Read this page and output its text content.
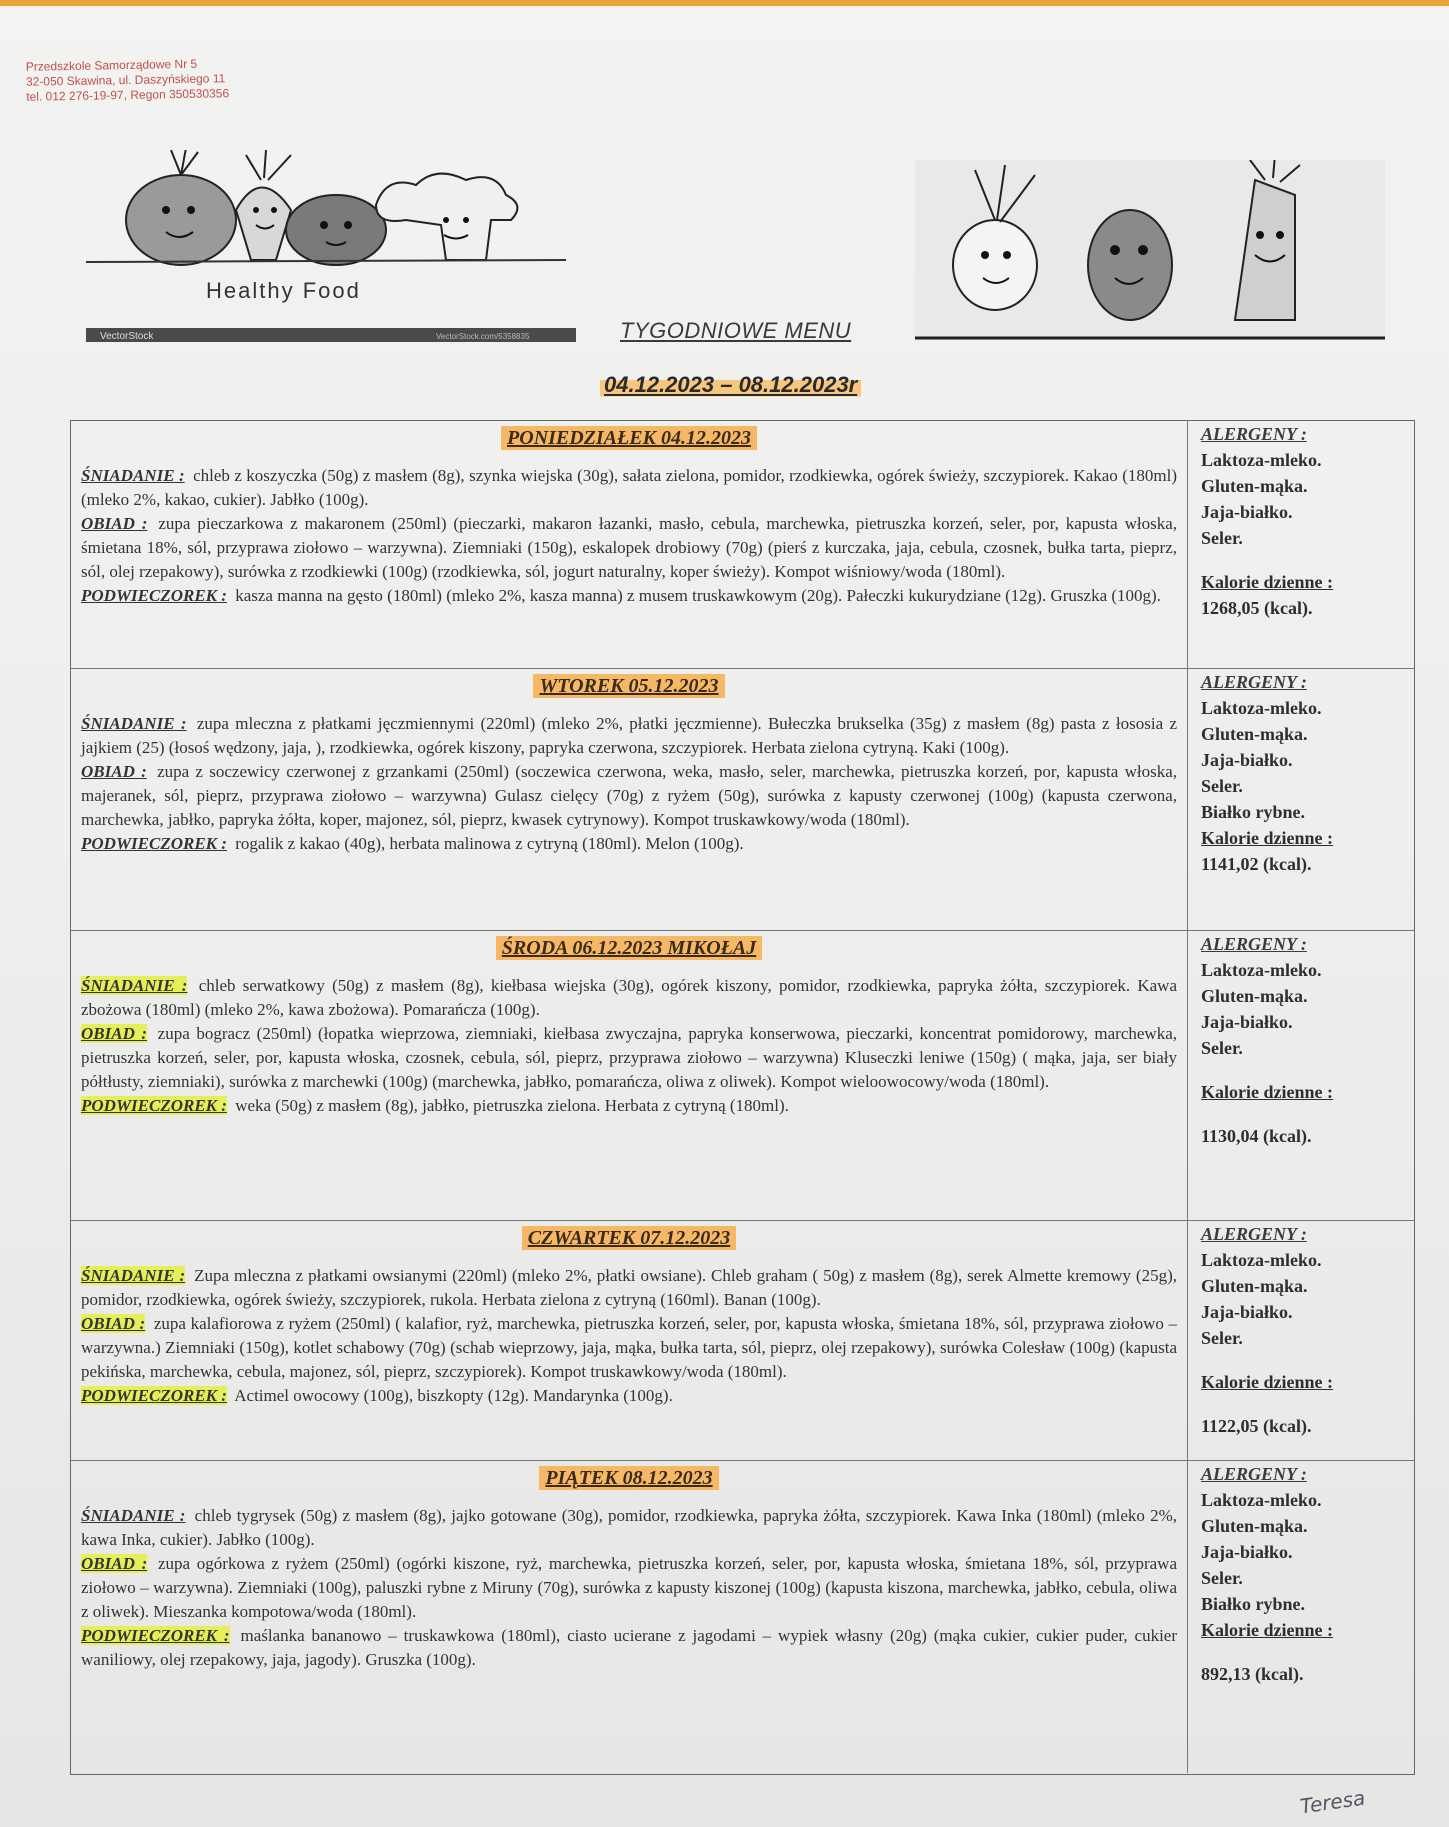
Przedszkole Samorządowe Nr 5
32-050 Skawina, ul. Daszyńskiego 11
tel. 012 276-19-97, Regon 350530356
Healthy Food
VectorStock	VectorStock.com/5358835	TYGODNIOWE MENU
04.12.2023 – 08.12.2023r
PONIEDZIAŁEK 04.12.2023

ŚNIADANIE : chleb z koszyczka (50g) z masłem (8g), szynka wiejska (30g), sałata zielona, pomidor, rzodkiewka, ogórek świeży, szczypiorek. Kakao (180ml) (mleko 2%, kakao, cukier). Jabłko (100g).

OBIAD : zupa pieczarkowa z makaronem (250ml) (pieczarki, makaron łazanki, masło, cebula, marchewka, pietruszka korzeń, seler, por, kapusta włoska, śmietana 18%, sól, przyprawa ziołowo – warzywna). Ziemniaki (150g), eskalopek drobiowy (70g) (pierś z kurczaka, jaja, cebula, czosnek, bułka tarta, pieprz, sól, olej rzepakowy), surówka z rzodkiewki (100g) (rzodkiewka, sól, jogurt naturalny, koper świeży). Kompot wiśniowy/woda (180ml).

PODWIECZOREK : kasza manna na gęsto (180ml) (mleko 2%, kasza manna) z musem truskawkowym (20g). Pałeczki kukurydziane (12g). Gruszka (100g).

ALERGENY :
Laktoza-mleko.
Gluten-mąka.
Jaja-białko.
Seler.
Kalorie dzienne :
1268,05 (kcal).
WTOREK 05.12.2023

ŚNIADANIE : zupa mleczna z płatkami jęczmiennymi (220ml) (mleko 2%, płatki jęczmienne). Bułeczka brukselka (35g) z masłem (8g) pasta z łososia z jajkiem (25) (łosoś wędzony, jaja, ), rzodkiewka, ogórek kiszony, papryka czerwona, szczypiorek. Herbata zielona cytryną. Kaki (100g).

OBIAD : zupa z soczewicy czerwonej z grzankami (250ml) (soczewica czerwona, weka, masło, seler, marchewka, pietruszka korzeń, por, kapusta włoska, majeranek, sól, pieprz, przyprawa ziołowo – warzywna) Gulasz cielęcy (70g) z ryżem (50g), surówka z kapusty czerwonej (100g) (kapusta czerwona, marchewka, jabłko, papryka żółta, koper, majonez, sól, pieprz, kwasek cytrynowy). Kompot truskawkowy/woda (180ml).

PODWIECZOREK : rogalik z kakao (40g), herbata malinowa z cytryną (180ml). Melon (100g).

ALERGENY :
Laktoza-mleko.
Gluten-mąka.
Jaja-białko.
Seler.
Białko rybne.
Kalorie dzienne :
1141,02 (kcal).
ŚRODA 06.12.2023 MIKOŁAJ

ŚNIADANIE : chleb serwatkowy (50g) z masłem (8g), kiełbasa wiejska (30g), ogórek kiszony, pomidor, rzodkiewka, papryka żółta, szczypiorek. Kawa zbożowa (180ml) (mleko 2%, kawa zbożowa). Pomarańcza (100g).

OBIAD : zupa bogracz (250ml) (łopatka wieprzowa, ziemniaki, kiełbasa zwyczajna, papryka konserwowa, pieczarki, koncentrat pomidorowy, marchewka, pietruszka korzeń, seler, por, kapusta włoska, czosnek, cebula, sól, pieprz, przyprawa ziołowo – warzywna) Kluseczki leniwe (150g) ( mąka, jaja, ser biały półtłusty, ziemniaki), surówka z marchewki (100g) (marchewka, jabłko, pomarańcza, oliwa z oliwek). Kompot wieloowocowy/woda (180ml).

PODWIECZOREK : weka (50g) z masłem (8g), jabłko, pietruszka zielona. Herbata z cytryną (180ml).

ALERGENY :
Laktoza-mleko.
Gluten-mąka.
Jaja-białko.
Seler.
Kalorie dzienne :
1130,04 (kcal).
CZWARTEK 07.12.2023

ŚNIADANIE : Zupa mleczna z płatkami owsianymi (220ml) (mleko 2%, płatki owsiane). Chleb graham ( 50g) z masłem (8g), serek Almette kremowy (25g), pomidor, rzodkiewka, ogórek świeży, szczypiorek, rukola. Herbata zielona z cytryną (160ml). Banan (100g).

OBIAD : zupa kalafiorowa z ryżem (250ml) ( kalafior, ryż, marchewka, pietruszka korzeń, seler, por, kapusta włoska, śmietana 18%, sól, przyprawa ziołowo – warzywna.) Ziemniaki (150g), kotlet schabowy (70g) (schab wieprzowy, jaja, mąka, bułka tarta, sól, pieprz, olej rzepakowy), surówka Colesław (100g) (kapusta pekińska, marchewka, cebula, majonez, sól, pieprz, szczypiorek). Kompot truskawkowy/woda (180ml).

PODWIECZOREK : Actimel owocowy (100g), biszkopty (12g). Mandarynka (100g).

ALERGENY :
Laktoza-mleko.
Gluten-mąka.
Jaja-białko.
Seler.
Kalorie dzienne :
1122,05 (kcal).
PIĄTEK 08.12.2023

ŚNIADANIE : chleb tygrysek (50g) z masłem (8g), jajko gotowane (30g), pomidor, rzodkiewka, papryka żółta, szczypiorek. Kawa Inka (180ml) (mleko 2%, kawa Inka, cukier). Jabłko (100g).

OBIAD : zupa ogórkowa z ryżem (250ml) (ogórki kiszone, ryż, marchewka, pietruszka korzeń, seler, por, kapusta włoska, śmietana 18%, sól, przyprawa ziołowo – warzywna). Ziemniaki (100g), paluszki rybne z Miruny (70g), surówka z kapusty kiszonej (100g) (kapusta kiszona, marchewka, jabłko, cebula, oliwa z oliwek). Mieszanka kompotowa/woda (180ml).

PODWIECZOREK : maślanka bananowo – truskawkowa (180ml), ciasto ucierane z jagodami – wypiek własny (20g) (mąka cukier, cukier puder, cukier waniliowy, olej rzepakowy, jaja, jagody). Gruszka (100g).

ALERGENY :
Laktoza-mleko.
Gluten-mąka.
Jaja-białko.
Seler.
Białko rybne.
Kalorie dzienne :
892,13 (kcal).
Teresa
